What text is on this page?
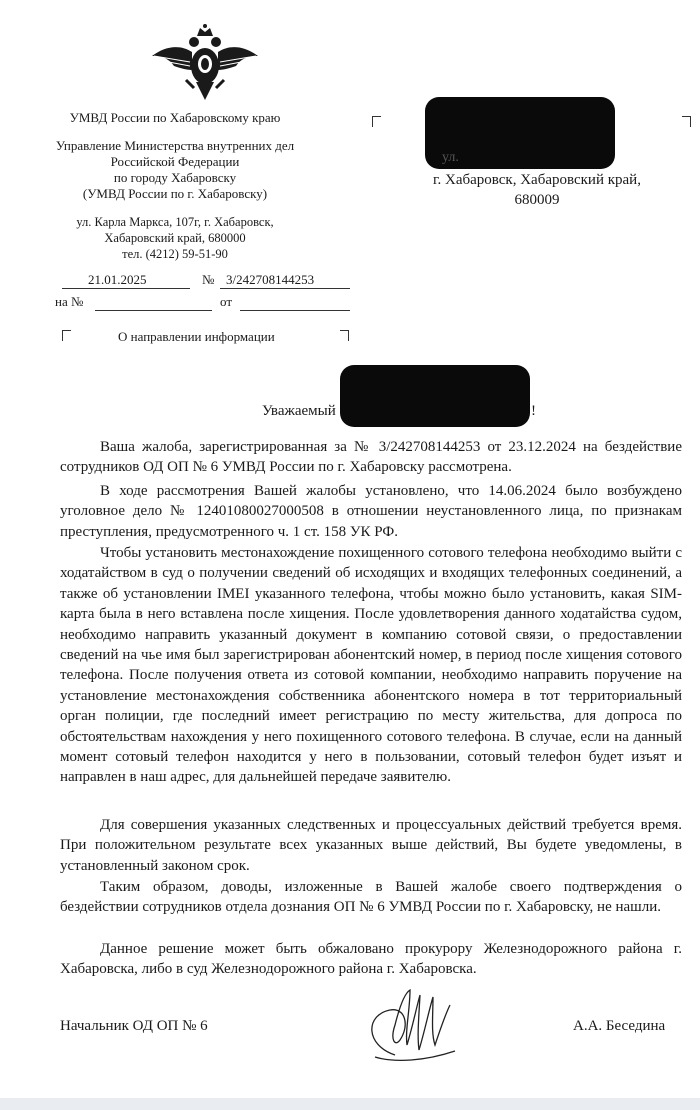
УМВД России по Хабаровскому краю
Управление Министерства внутренних дел
Российской Федерации
по городу Хабаровску
(УМВД России по г. Хабаровску)
ул. Карла Маркса, 107г, г. Хабаровск,
Хабаровский край, 680000
тел. (4212) 59-51-90
ул.
г. Хабаровск, Хабаровский край,
680009
21.01.2025	№ 3/242708144253
на №	от
О направлении информации
Уважаемый	!

Ваша жалоба, зарегистрированная за № 3/242708144253 от 23.12.2024 на бездействие сотрудников ОД ОП № 6 УМВД России по г. Хабаровску рассмотрена.

В ходе рассмотрения Вашей жалобы установлено, что 14.06.2024 было возбуждено уголовное дело № 12401080027000508 в отношении неустановленного лица, по признакам преступления, предусмотренного ч. 1 ст. 158 УК РФ.

Чтобы установить местонахождение похищенного сотового телефона необходимо выйти с ходатайством в суд о получении сведений об исходящих и входящих телефонных соединений, а также об установлении IMEI указанного телефона, чтобы можно было установить, какая SIM-карта была в него вставлена после хищения. После удовлетворения данного ходатайства судом, необходимо направить указанный документ в компанию сотовой связи, о предоставлении сведений на чье имя был зарегистрирован абонентский номер, в период после хищения сотового телефона. После получения ответа из сотовой компании, необходимо направить поручение на установление местонахождения собственника абонентского номера в тот территориальный орган полиции, где последний имеет регистрацию по месту жительства, для допроса по обстоятельствам нахождения у него похищенного сотового телефона. В случае, если на данный момент сотовый телефон находится у него в пользовании, сотовый телефон будет изъят и направлен в наш адрес, для дальнейшей передаче заявителю.

Для совершения указанных следственных и процессуальных действий требуется время. При положительном результате всех указанных выше действий, Вы будете уведомлены, в установленный законом срок.

Таким образом, доводы, изложенные в Вашей жалобе своего подтверждения о бездействии сотрудников отдела дознания ОП № 6 УМВД России по г. Хабаровску, не нашли.

Данное решение может быть обжаловано прокурору Железнодорожного района г. Хабаровска, либо в суд Железнодорожного района г. Хабаровска.

Начальник ОД ОП № 6	А.А. Беседина
